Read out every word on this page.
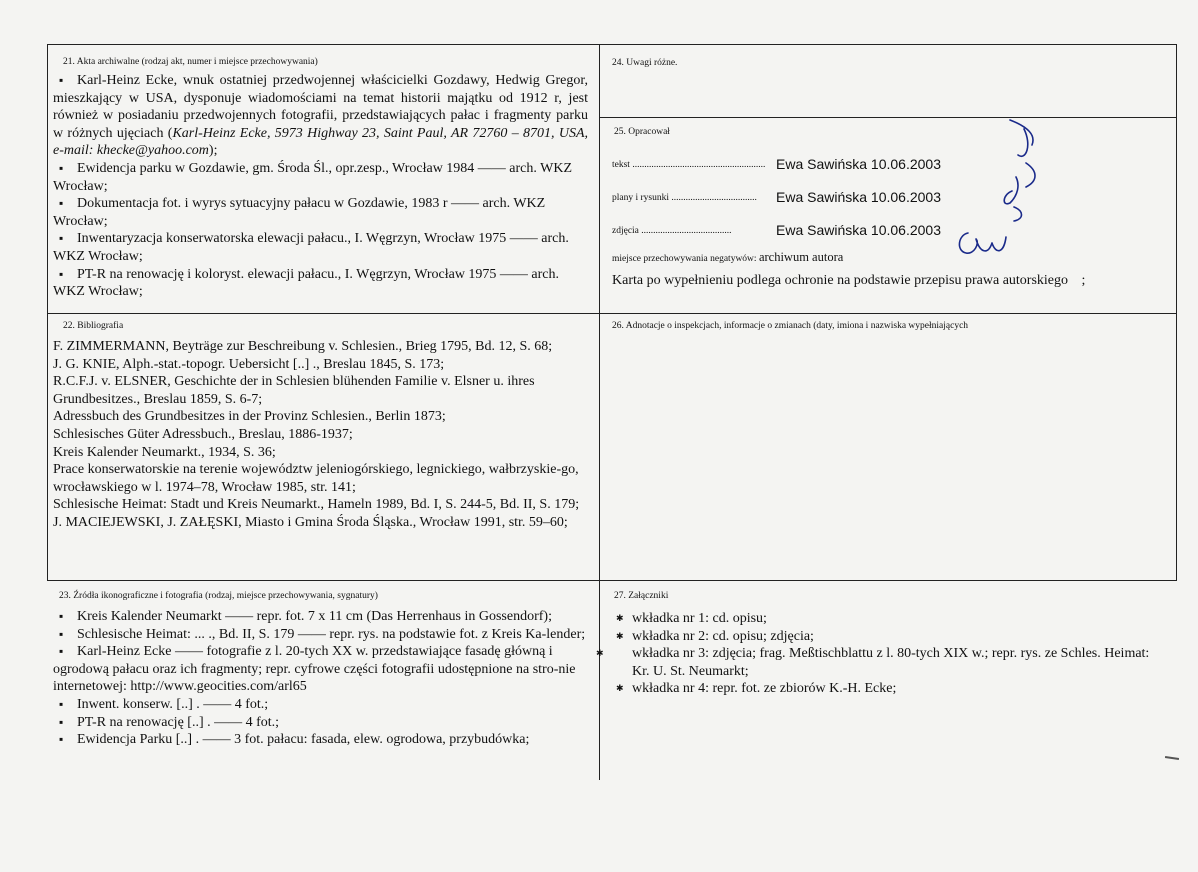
21. Akta archiwalne (rodzaj akt, numer i miejsce przechowywania)

▪ Karl-Heinz Ecke, wnuk ostatniej przedwojennej właścicielki Gozdawy, Hedwig Gregor, mieszkający w USA, dysponuje wiadomościami na temat historii majątku od 1912 r, jest również w posiadaniu przedwojennych fotografii, przedstawiających pałac i fragmenty parku w różnych ujęciach (Karl-Heinz Ecke, 5973 Highway 23, Saint Paul, AR 72760 – 8701, USA, e-mail: khecke@yahoo.com);

▪ Ewidencja parku w Gozdawie, gm. Środa Śl., opr.zesp., Wrocław 1984 —— arch. WKZ Wrocław;

▪ Dokumentacja fot. i wyrys sytuacyjny pałacu w Gozdawie, 1983 r —— arch. WKZ Wrocław;

▪ Inwentaryzacja konserwatorska elewacji pałacu., I. Węgrzyn, Wrocław 1975 —— arch. WKZ Wrocław;

▪ PT-R na renowację i koloryst. elewacji pałacu., I. Węgrzyn, Wrocław 1975 —— arch. WKZ Wrocław;

22. Bibliografia

F. ZIMMERMANN, Beyträge zur Beschreibung v. Schlesien., Brieg 1795, Bd. 12, S. 68;

J. G. KNIE, Alph.-stat.-topogr. Uebersicht [..] ., Breslau 1845, S. 173;

R.C.F.J. v. ELSNER, Geschichte der in Schlesien blühenden Familie v. Elsner u. ihres Grundbesitzes., Breslau 1859, S. 6-7;

Adressbuch des Grundbesitzes in der Provinz Schlesien., Berlin 1873;

Schlesisches Güter Adressbuch., Breslau, 1886-1937;

Kreis Kalender Neumarkt., 1934, S. 36;

Prace konserwatorskie na terenie województw jeleniogórskiego, legnickiego, wałbrzyskie-go, wrocławskiego w l. 1974–78, Wrocław 1985, str. 141;

Schlesische Heimat: Stadt und Kreis Neumarkt., Hameln 1989, Bd. I, S. 244-5, Bd. II, S. 179;

J. MACIEJEWSKI, J. ZAŁĘSKI, Miasto i Gmina Środa Śląska., Wrocław 1991, str. 59–60;

23. Źródła ikonograficzne i fotografia (rodzaj, miejsce przechowywania, sygnatury)

▪ Kreis Kalender Neumarkt —— repr. fot. 7 x 11 cm (Das Herrenhaus in Gossendorf);

▪ Schlesische Heimat: ... ., Bd. II, S. 179 —— repr. rys. na podstawie fot. z Kreis Ka-lender;

▪ Karl-Heinz Ecke —— fotografie z l. 20-tych XX w. przedstawiające fasadę główną i ogrodową pałacu oraz ich fragmenty; repr. cyfrowe części fotografii udostępnione na stro-nie internetowej: http://www.geocities.com/arl65

▪ Inwent. konserw. [..] . —— 4 fot.;

▪ PT-R na renowację [..] . —— 4 fot.;

▪ Ewidencja Parku [..] . —— 3 fot. pałacu: fasada, elew. ogrodowa, przybudówka;

24. Uwagi różne.
25. Opracował
tekst ........................................................ Ewa Sawińska 10.06.2003
plany i rysunki .................................... Ewa Sawińska 10.06.2003
zdjęcia ......................................	Ewa Sawińska 10.06.2003
miejsce przechowywania negatywów: archiwum autora
Karta po wypełnieniu podlega ochronie na podstawie przepisu prawa autorskiego ;
26. Adnotacje o inspekcjach, informacje o zmianach (daty, imiona i nazwiska wypełniających
27. Załączniki

✱ wkładka nr 1: cd. opisu;

✱ wkładka nr 2: cd. opisu; zdjęcia;

✱ wkładka nr 3: zdjęcia; frag. Meßtischblattu z l. 80-tych XIX w.; repr. rys. ze Schles. Heimat: Kr. U. St. Neumarkt;

✱ wkładka nr 4: repr. fot. ze zbiorów K.-H. Ecke;
